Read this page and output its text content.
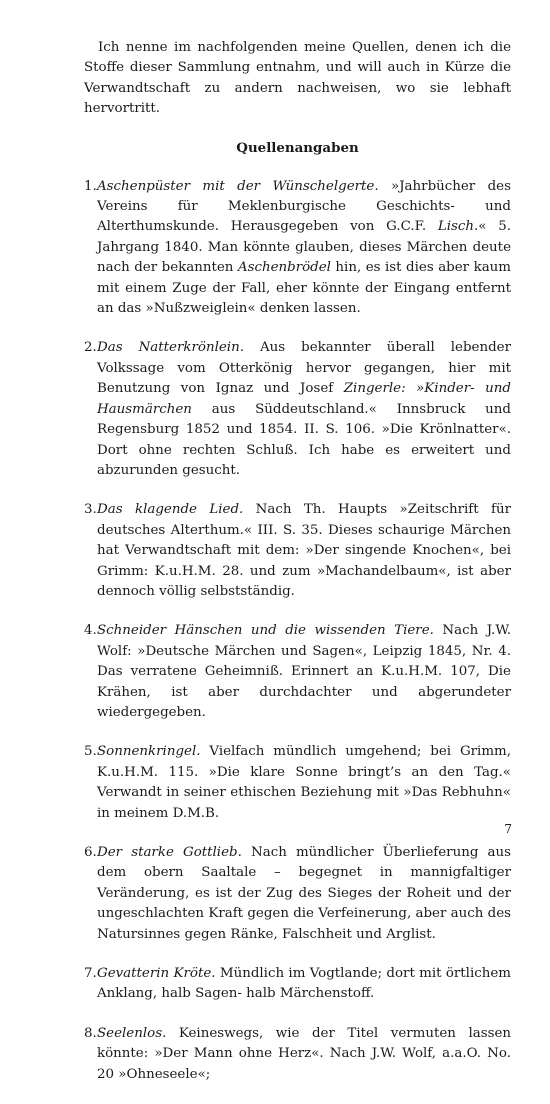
Ich nenne im nachfolgenden meine Quellen, denen ich die Stoffe dieser Sammlung entnahm, und will auch in Kürze die Verwandtschaft zu andern nachweisen, wo sie lebhaft hervortritt.

Quellenangaben
1. Aschenpüster mit der Wünschelgerte. »Jahrbücher des Vereins für Meklenburgische Geschichts- und Alterthumskunde. Herausgegeben von G.C.F. Lisch.« 5. Jahrgang 1840. Man könnte glauben, dieses Märchen deute nach der bekannten Aschenbrödel hin, es ist dies aber kaum mit einem Zuge der Fall, eher könnte der Eingang entfernt an das »Nußzweiglein« denken lassen.
2. Das Natterkrönlein. Aus bekannter überall lebender Volkssage vom Otterkönig hervor gegangen, hier mit Benutzung von Ignaz und Josef Zingerle: »Kinder- und Hausmärchen aus Süddeutschland.« Innsbruck und Regensburg 1852 und 1854. II. S. 106. »Die Krönlnatter«. Dort ohne rechten Schluß. Ich habe es erweitert und abzurunden gesucht.
3. Das klagende Lied. Nach Th. Haupts »Zeitschrift für deutsches Alterthum.« III. S. 35. Dieses schaurige Märchen hat Verwandtschaft mit dem: »Der singende Knochen«, bei Grimm: K.u.H.M. 28. und zum »Machandelbaum«, ist aber dennoch völlig selbstständig.
4. Schneider Hänschen und die wissenden Tiere. Nach J.W. Wolf: »Deutsche Märchen und Sagen«, Leipzig 1845, Nr. 4. Das verratene Geheimniß. Erinnert an K.u.H.M. 107, Die Krähen, ist aber durchdachter und abgerundeter wiedergegeben.
5. Sonnenkringel. Vielfach mündlich umgehend; bei Grimm, K.u.H.M. 115. »Die klare Sonne bringt’s an den Tag.« Verwandt in seiner ethischen Beziehung mit »Das Rebhuhn« in meinem D.M.B.
6. Der starke Gottlieb. Nach mündlicher Überlieferung aus dem obern Saaltale – begegnet in mannigfaltiger Veränderung, es ist der Zug des Sieges der Roheit und der ungeschlachten Kraft gegen die Verfeinerung, aber auch des Natursinnes gegen Ränke, Falschheit und Arglist.
7. Gevatterin Kröte. Mündlich im Vogtlande; dort mit örtlichem Anklang, halb Sagen- halb Märchenstoff.
8. Seelenlos. Keineswegs, wie der Titel vermuten lassen könnte: »Der Mann ohne Herz«. Nach J.W. Wolf, a.a.O. No. 20 »Ohneseele«;
7
